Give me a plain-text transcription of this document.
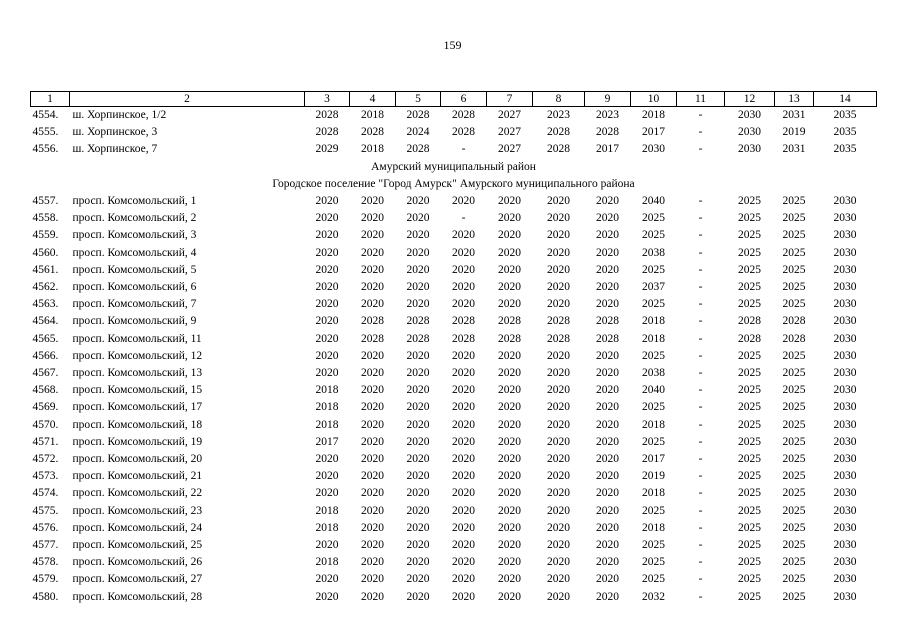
159
1	2	3	4	5	6	7	8	9	10	11	12	13	14
4554.	ш. Хорпинское, 1/2	2028	2018	2028	2028	2027	2023	2023	2018	-	2030	2031	2035
4555.	ш. Хорпинское, 3	2028	2028	2024	2028	2027	2028	2028	2017	-	2030	2019	2035
4556.	ш. Хорпинское, 7	2029	2018	2028	-	2027	2028	2017	2030	-	2030	2031	2035
Амурский муниципальный район													
Городское поселение "Город Амурск" Амурского муниципального района													
4557.	просп. Комсомольский, 1	2020	2020	2020	2020	2020	2020	2020	2040	-	2025	2025	2030
4558.	просп. Комсомольский, 2	2020	2020	2020	-	2020	2020	2020	2025	-	2025	2025	2030
4559.	просп. Комсомольский, 3	2020	2020	2020	2020	2020	2020	2020	2025	-	2025	2025	2030
4560.	просп. Комсомольский, 4	2020	2020	2020	2020	2020	2020	2020	2038	-	2025	2025	2030
4561.	просп. Комсомольский, 5	2020	2020	2020	2020	2020	2020	2020	2025	-	2025	2025	2030
4562.	просп. Комсомольский, 6	2020	2020	2020	2020	2020	2020	2020	2037	-	2025	2025	2030
4563.	просп. Комсомольский, 7	2020	2020	2020	2020	2020	2020	2020	2025	-	2025	2025	2030
4564.	просп. Комсомольский, 9	2020	2028	2028	2028	2028	2028	2028	2018	-	2028	2028	2030
4565.	просп. Комсомольский, 11	2020	2028	2028	2028	2028	2028	2028	2018	-	2028	2028	2030
4566.	просп. Комсомольский, 12	2020	2020	2020	2020	2020	2020	2020	2025	-	2025	2025	2030
4567.	просп. Комсомольский, 13	2020	2020	2020	2020	2020	2020	2020	2038	-	2025	2025	2030
4568.	просп. Комсомольский, 15	2018	2020	2020	2020	2020	2020	2020	2040	-	2025	2025	2030
4569.	просп. Комсомольский, 17	2018	2020	2020	2020	2020	2020	2020	2025	-	2025	2025	2030
4570.	просп. Комсомольский, 18	2018	2020	2020	2020	2020	2020	2020	2018	-	2025	2025	2030
4571.	просп. Комсомольский, 19	2017	2020	2020	2020	2020	2020	2020	2025	-	2025	2025	2030
4572.	просп. Комсомольский, 20	2020	2020	2020	2020	2020	2020	2020	2017	-	2025	2025	2030
4573.	просп. Комсомольский, 21	2020	2020	2020	2020	2020	2020	2020	2019	-	2025	2025	2030
4574.	просп. Комсомольский, 22	2020	2020	2020	2020	2020	2020	2020	2018	-	2025	2025	2030
4575.	просп. Комсомольский, 23	2018	2020	2020	2020	2020	2020	2020	2025	-	2025	2025	2030
4576.	просп. Комсомольский, 24	2018	2020	2020	2020	2020	2020	2020	2018	-	2025	2025	2030
4577.	просп. Комсомольский, 25	2020	2020	2020	2020	2020	2020	2020	2025	-	2025	2025	2030
4578.	просп. Комсомольский, 26	2018	2020	2020	2020	2020	2020	2020	2025	-	2025	2025	2030
4579.	просп. Комсомольский, 27	2020	2020	2020	2020	2020	2020	2020	2025	-	2025	2025	2030
4580.	просп. Комсомольский, 28	2020	2020	2020	2020	2020	2020	2020	2032	-	2025	2025	2030
